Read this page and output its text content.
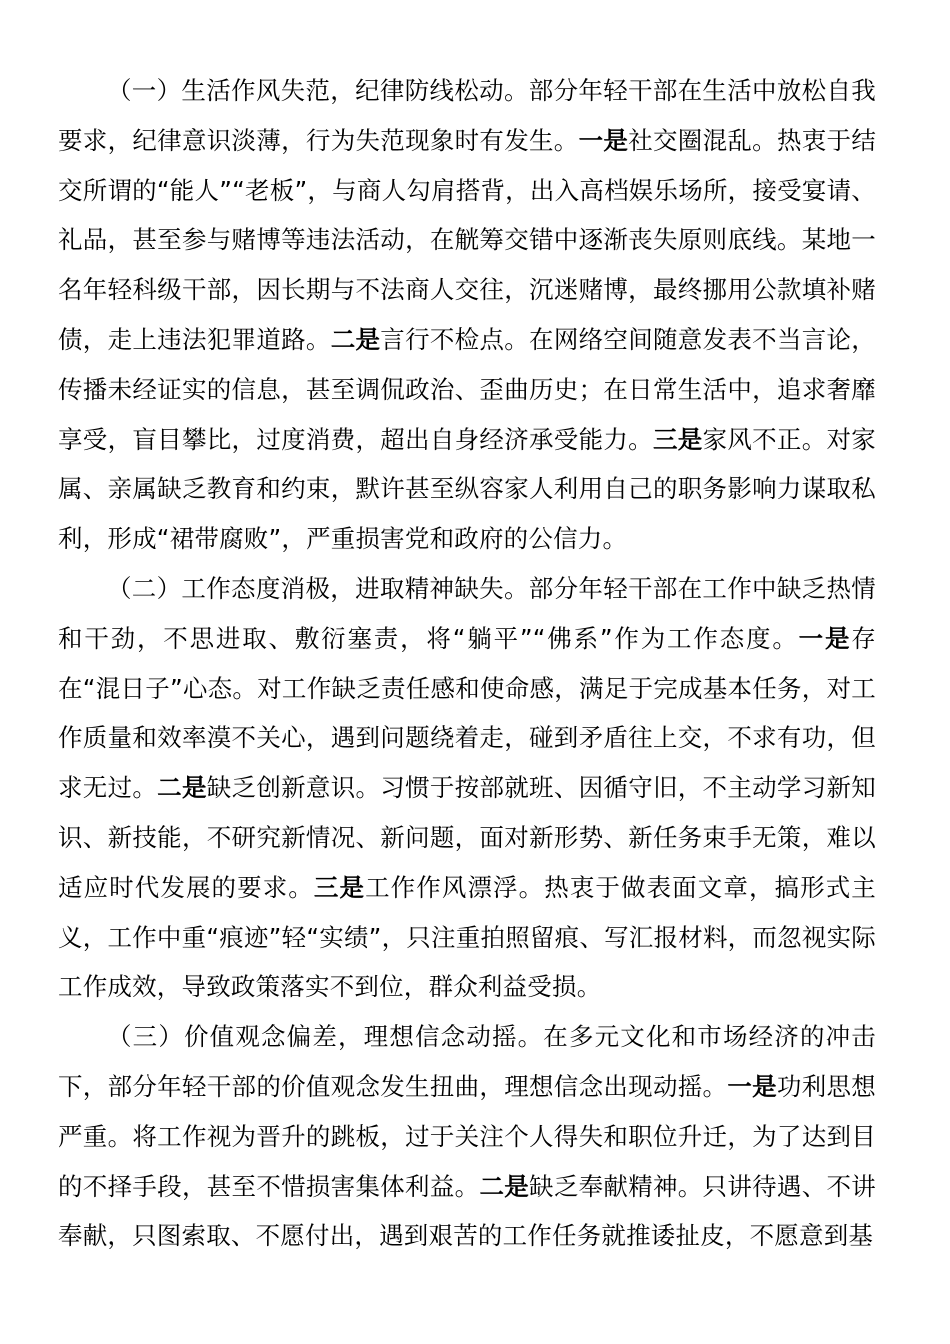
（一）生活作风失范，纪律防线松动。部分年轻干部在生活中放松自我要求，纪律意识淡薄，行为失范现象时有发生。一是社交圈混乱。热衷于结交所谓的“能人”“老板”，与商人勾肩搭背，出入高档娱乐场所，接受宴请、礼品，甚至参与赌博等违法活动，在觥筹交错中逐渐丧失原则底线。某地一名年轻科级干部，因长期与不法商人交往，沉迷赌博，最终挪用公款填补赌债，走上违法犯罪道路。二是言行不检点。在网络空间随意发表不当言论，传播未经证实的信息，甚至调侃政治、歪曲历史；在日常生活中，追求奢靡享受，盲目攀比，过度消费，超出自身经济承受能力。三是家风不正。对家属、亲属缺乏教育和约束，默许甚至纵容家人利用自己的职务影响力谋取私利，形成“裙带腐败”，严重损害党和政府的公信力。

（二）工作态度消极，进取精神缺失。部分年轻干部在工作中缺乏热情和干劲，不思进取、敷衍塞责，将“躺平”“佛系”作为工作态度。一是存在“混日子”心态。对工作缺乏责任感和使命感，满足于完成基本任务，对工作质量和效率漠不关心，遇到问题绕着走，碰到矛盾往上交，不求有功，但求无过。二是缺乏创新意识。习惯于按部就班、因循守旧，不主动学习新知识、新技能，不研究新情况、新问题，面对新形势、新任务束手无策，难以适应时代发展的要求。三是工作作风漂浮。热衷于做表面文章，搞形式主义，工作中重“痕迹”轻“实绩”，只注重拍照留痕、写汇报材料，而忽视实际工作成效，导致政策落实不到位，群众利益受损。

（三）价值观念偏差，理想信念动摇。在多元文化和市场经济的冲击下，部分年轻干部的价值观念发生扭曲，理想信念出现动摇。一是功利思想严重。将工作视为晋升的跳板，过于关注个人得失和职位升迁，为了达到目的不择手段，甚至不惜损害集体利益。二是缺乏奉献精神。只讲待遇、不讲奉献，只图索取、不愿付出，遇到艰苦的工作任务就推诿扯皮，不愿意到基
